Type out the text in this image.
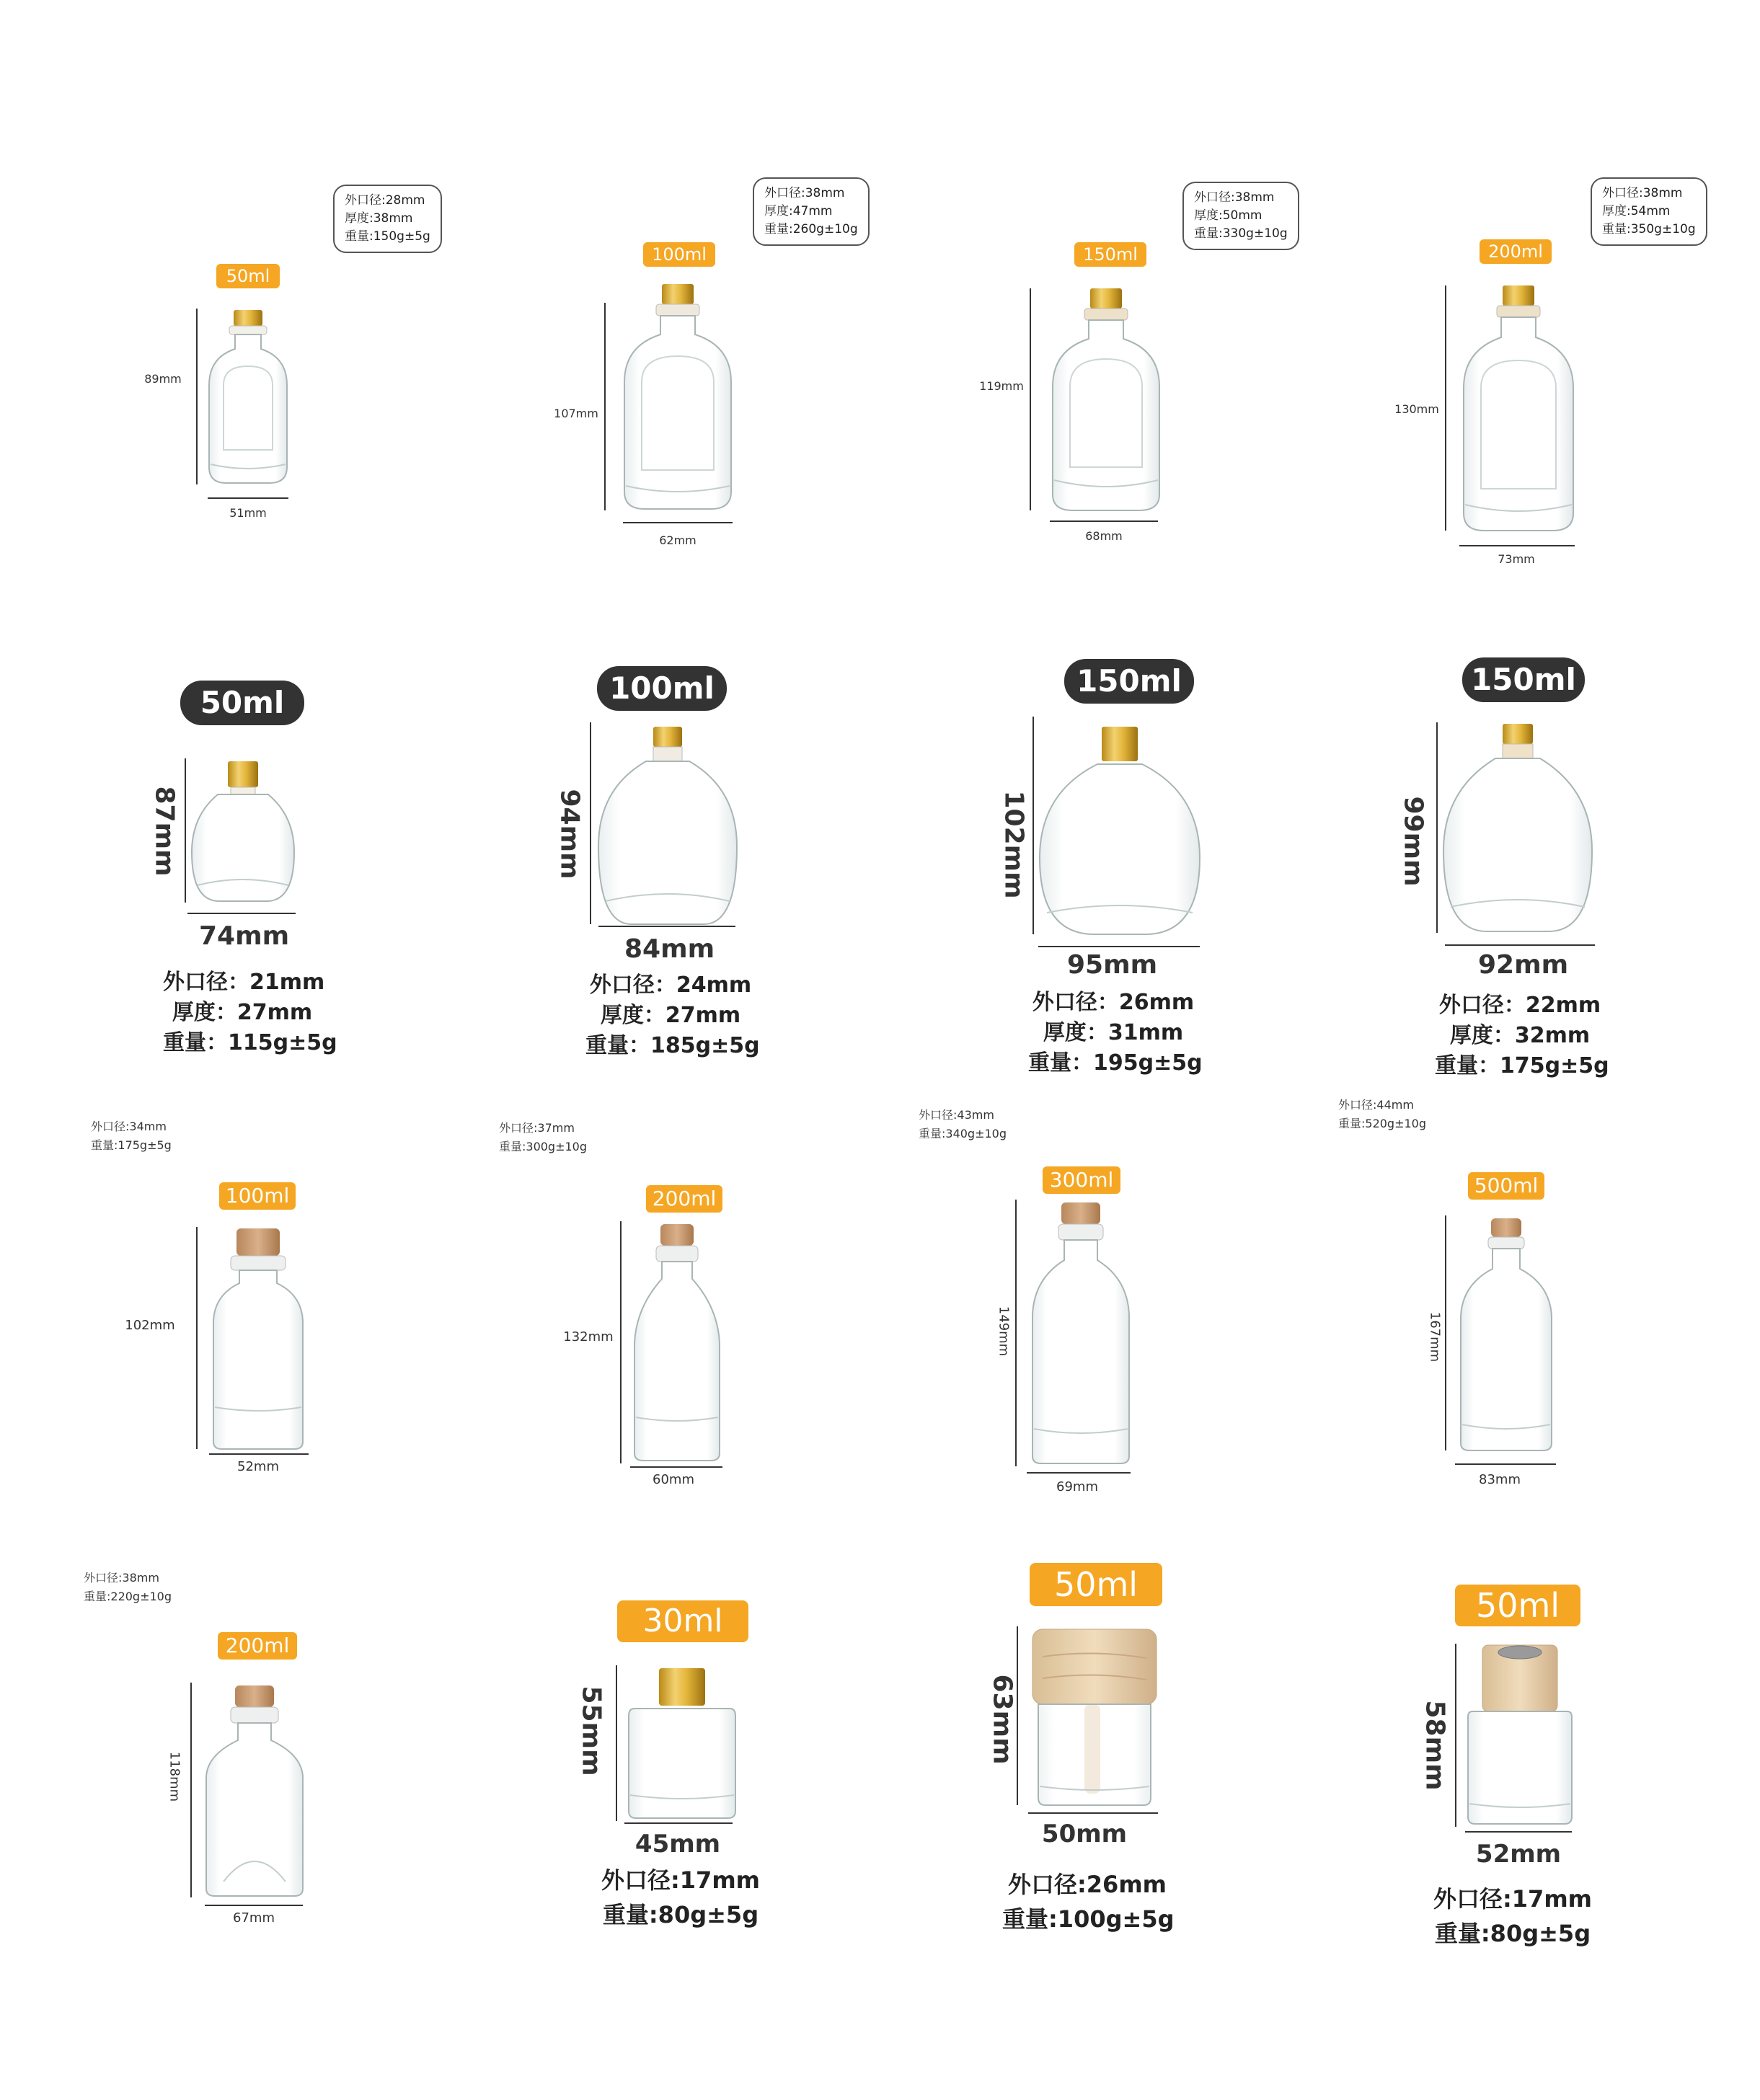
外口径:28mm
厚度:38mm
重量:150g±5g
50ml
89mm
51mm
外口径:38mm
厚度:47mm
重量:260g±10g
100ml
107mm
62mm
外口径:38mm
厚度:50mm
重量:330g±10g
150ml
119mm
68mm
外口径:38mm
厚度:54mm
重量:350g±10g
200ml
130mm
73mm
50ml
87mm
74mm
外口径：21mm
厚度：27mm
重量：115g±5g
100ml
94mm
84mm
外口径：24mm
厚度：27mm
重量：185g±5g
150ml
102mm
95mm
外口径：26mm
厚度：31mm
重量：195g±5g
150ml
99mm
92mm
外口径：22mm
厚度：32mm
重量：175g±5g
外口径:34mm
重量:175g±5g
100ml
102mm
52mm
外口径:37mm
重量:300g±10g
200ml
132mm
60mm
外口径:43mm
重量:340g±10g
300ml
149mm
69mm
外口径:44mm
重量:520g±10g
500ml
167mm
83mm
外口径:38mm
重量:220g±10g
200ml
118mm
67mm
30ml
55mm
45mm
外口径:17mm
重量:80g±5g
50ml
63mm
50mm
外口径:26mm
重量:100g±5g
50ml
58mm
52mm
外口径:17mm
重量:80g±5g
